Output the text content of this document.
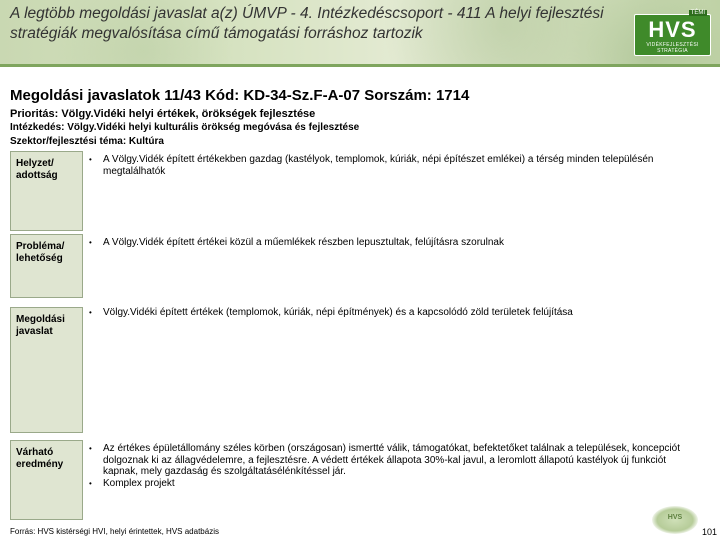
A legtöbb megoldási javaslat a(z) ÚMVP - 4. Intézkedéscsoport - 411 A helyi fejlesztési stratégiák megvalósítása című támogatási forráshoz tartozik
TÉMI
HVS
VIDÉKFEJLESZTÉSI STRATÉGIA
Megoldási javaslatok 11/43 Kód: KD-34-Sz.F-A-07 Sorszám: 1714
Prioritás: Völgy.Vidéki helyi értékek, örökségek fejlesztése
Intézkedés: Völgy.Vidéki helyi kulturális örökség megóvása és fejlesztése
Szektor/fejlesztési téma: Kultúra
Helyzet/ adottság
•	A Völgy.Vidék épített értékekben gazdag (kastélyok, templomok, kúriák, népi építészet emlékei) a térség minden településén megtalálhatók
Probléma/ lehetőség
•	A Völgy.Vidék épített értékei közül a műemlékek részben lepusztultak, felújításra szorulnak
Megoldási javaslat
•	Völgy.Vidéki épített értékek (templomok, kúriák, népi építmények) és a kapcsolódó zöld területek felújítása
Várható eredmény
•	Az értékes épületállomány széles körben (országosan) ismertté válik, támogatókat, befektetőket találnak a települések, koncepciót dolgoznak ki az állagvédelemre, a fejlesztésre. A védett értékek állapota 30%-kal javul, a leromlott állapotú kastélyok új funkciót kapnak, mely gazdaság és szolgáltatásélénkítéssel jár.
•	Komplex projekt
Forrás: HVS kistérségi HVI, helyi érintettek, HVS adatbázis
HVS
101
